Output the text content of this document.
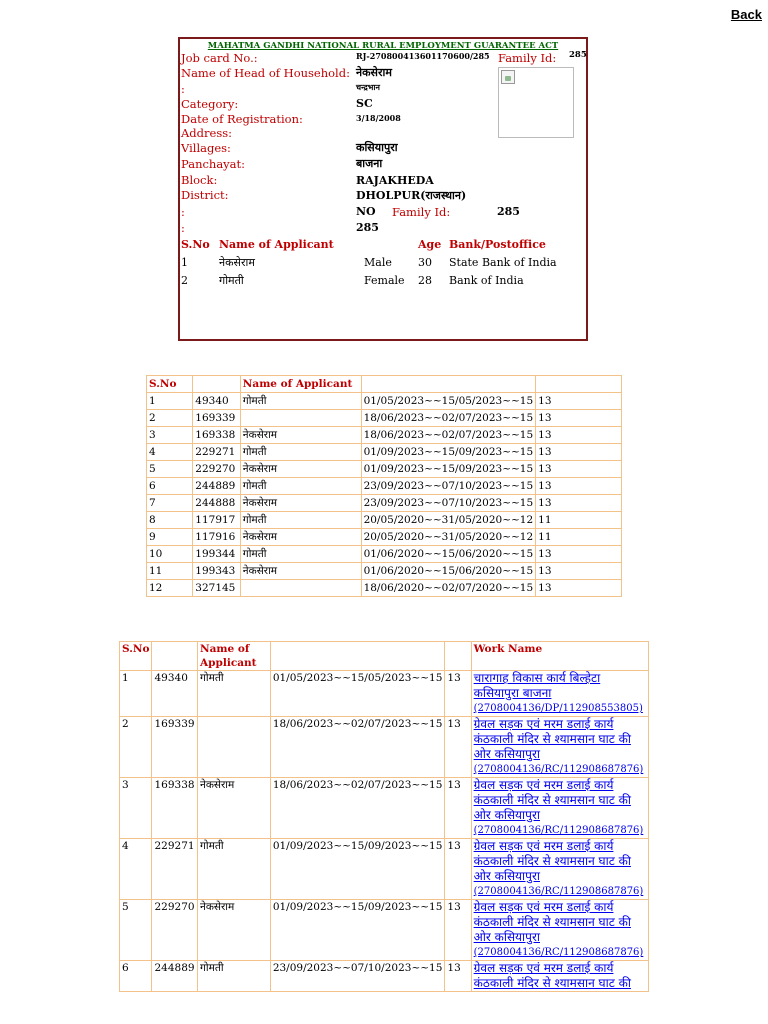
Back
MAHATMA GANDHI NATIONAL RURAL EMPLOYMENT GUARANTEE ACT
Job card No.:	RJ-270800413601170600/285
Name of Head of Household: नेकसेराम
:	चन्द्रभान
Category:	SC
Date of Registration:	3/18/2008
Address:
Villages:	कसियापुरा
Panchayat:	बाजना
Block:	RAJAKHEDA
District:	DHOLPUR(राजस्थान)
:	NO
:	285
Family Id: 285
Family Id:	285
S.No Name of Applicant	Age Bank/Postoffice
1	नेकसेराम	Male 30 State Bank of India
2	गोमती	Female 28 Bank of India
S.No		Name of Applicant		
1	49340	गोमती	01/05/2023~~15/05/2023~~15	13
2	169339		18/06/2023~~02/07/2023~~15	13
3	169338	नेकसेराम	18/06/2023~~02/07/2023~~15	13
4	229271	गोमती	01/09/2023~~15/09/2023~~15	13
5	229270	नेकसेराम	01/09/2023~~15/09/2023~~15	13
6	244889	गोमती	23/09/2023~~07/10/2023~~15	13
7	244888	नेकसेराम	23/09/2023~~07/10/2023~~15	13
8	117917	गोमती	20/05/2020~~31/05/2020~~12	11
9	117916	नेकसेराम	20/05/2020~~31/05/2020~~12	11
10	199344	गोमती	01/06/2020~~15/06/2020~~15	13
11	199343	नेकसेराम	01/06/2020~~15/06/2020~~15	13
12	327145		18/06/2020~~02/07/2020~~15	13
S.No		Name of Applicant			Work Name
1	49340	गोमती	01/05/2023~~15/05/2023~~15	13	चारागाह विकास कार्य बिल्हेटा कसियापुरा बाजना
(2708004136/DP/112908553805)
2	169339		18/06/2023~~02/07/2023~~15	13	ग्रेवल सड़क एवं मरम डलाई कार्य कंठकाली मंदिर से श्यामसान घाट की ओर कसियापुरा
(2708004136/RC/112908687876)
3	169338	नेकसेराम	18/06/2023~~02/07/2023~~15	13	ग्रेवल सड़क एवं मरम डलाई कार्य कंठकाली मंदिर से श्यामसान घाट की ओर कसियापुरा
(2708004136/RC/112908687876)
4	229271	गोमती	01/09/2023~~15/09/2023~~15	13	ग्रेवल सड़क एवं मरम डलाई कार्य कंठकाली मंदिर से श्यामसान घाट की ओर कसियापुरा
(2708004136/RC/112908687876)
5	229270	नेकसेराम	01/09/2023~~15/09/2023~~15	13	ग्रेवल सड़क एवं मरम डलाई कार्य कंठकाली मंदिर से श्यामसान घाट की ओर कसियापुरा
(2708004136/RC/112908687876)
6	244889	गोमती	23/09/2023~~07/10/2023~~15	13	ग्रेवल सड़क एवं मरम डलाई कार्य कंठकाली मंदिर से श्यामसान घाट की
